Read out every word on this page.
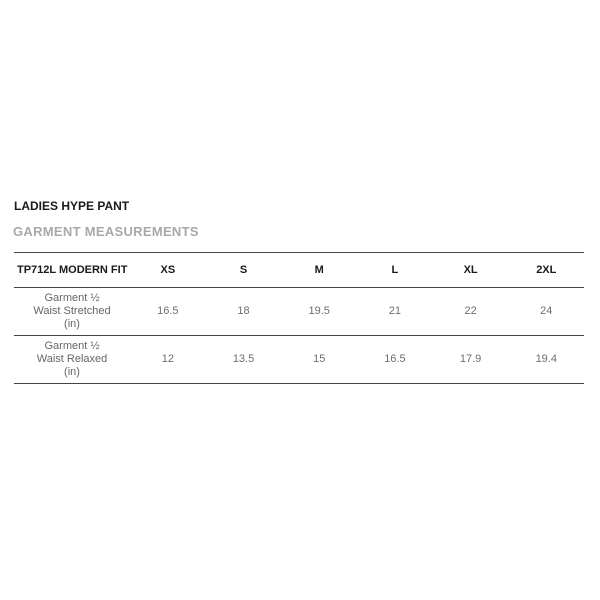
LADIES HYPE PANT
GARMENT MEASUREMENTS
TP712L MODERN FIT	XS	S	M	L	XL	2XL
Garment ½ Waist Stretched (in)	16.5	18	19.5	21	22	24
Garment ½ Waist Relaxed (in)	12	13.5	15	16.5	17.9	19.4
